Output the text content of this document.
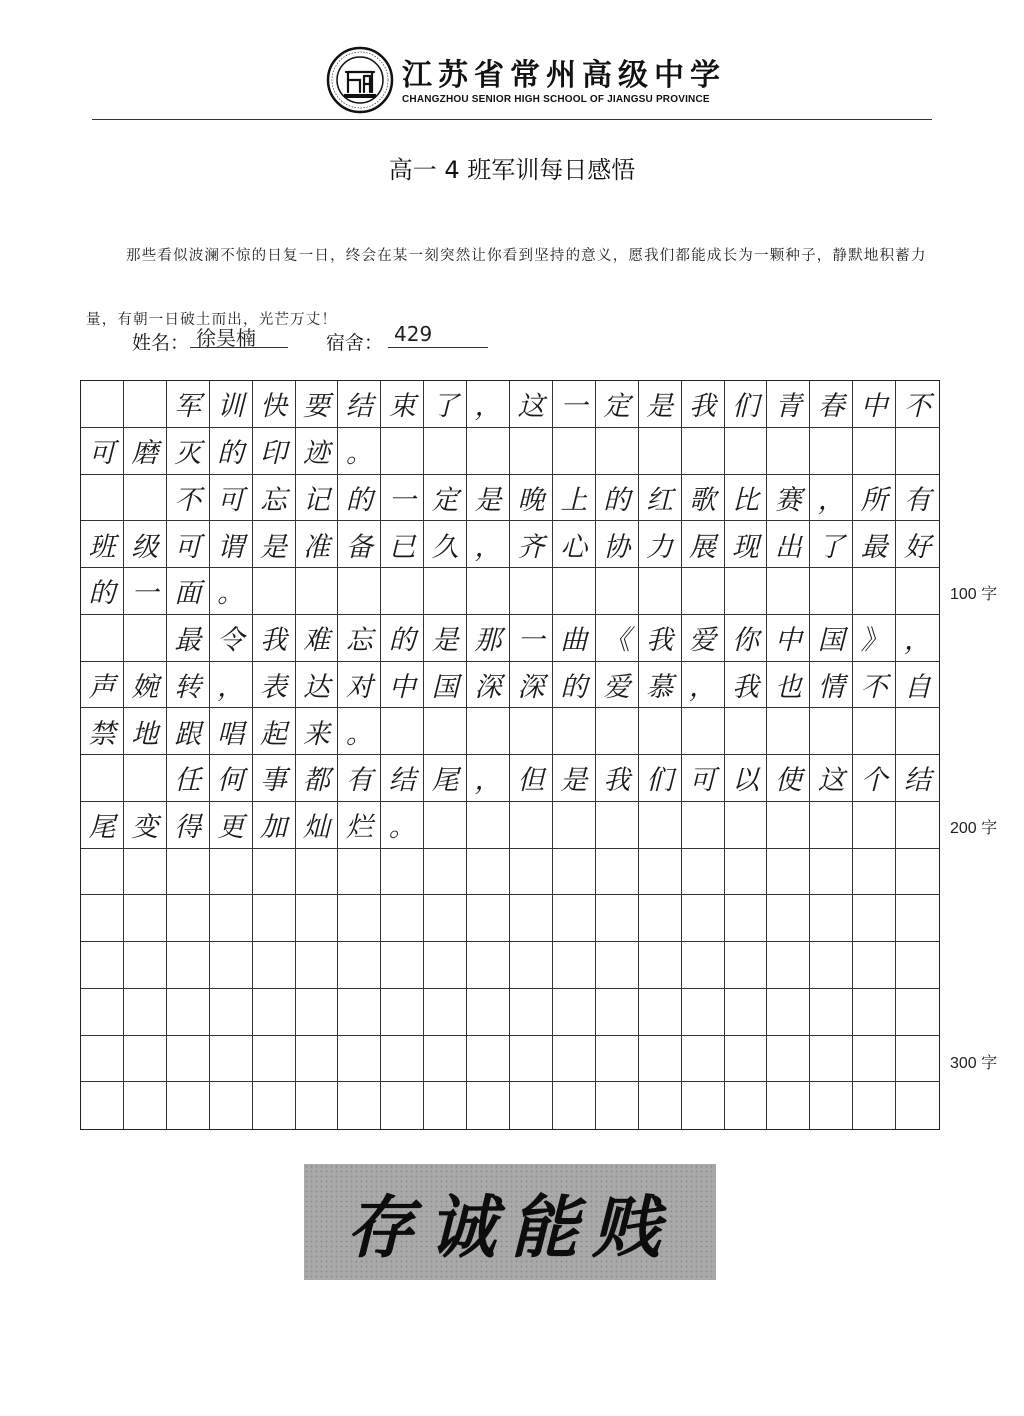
江苏省常州高级中学
CHANGZHOU SENIOR HIGH SCHOOL OF JIANGSU PROVINCE
高一 4 班军训每日感悟
那些看似波澜不惊的日复一日，终会在某一刻突然让你看到坚持的意义，愿我们都能成长为一颗种子，静默地积蓄力量，有朝一日破土而出，光芒万丈！
姓名： 徐昊楠	宿舍： 429
军 训 快 要 结 束 了 ， 这 一 定 是 我 们 青 春 中 不
可 磨 灭 的 印 迹 。
不 可 忘 记 的 一 定 是 晚 上 的 红 歌 比 赛 ， 所 有
班 级 可 谓 是 准 备 已 久 ， 齐 心 协 力 展 现 出 了 最 好
的 一 面 。
最 令 我 难 忘 的 是 那 一 曲 《 我 爱 你 中 国 》 ，
声 婉 转 ， 表 达 对 中 国 深 深 的 爱 慕 ， 我 也 情 不 自
禁 地 跟 唱 起 来 。
任 何 事 都 有 结 尾 ， 但 是 我 们 可 以 使 这 个 结
尾 变 得 更 加 灿 烂 。
100 字
200 字
300 字
存诚能贱
